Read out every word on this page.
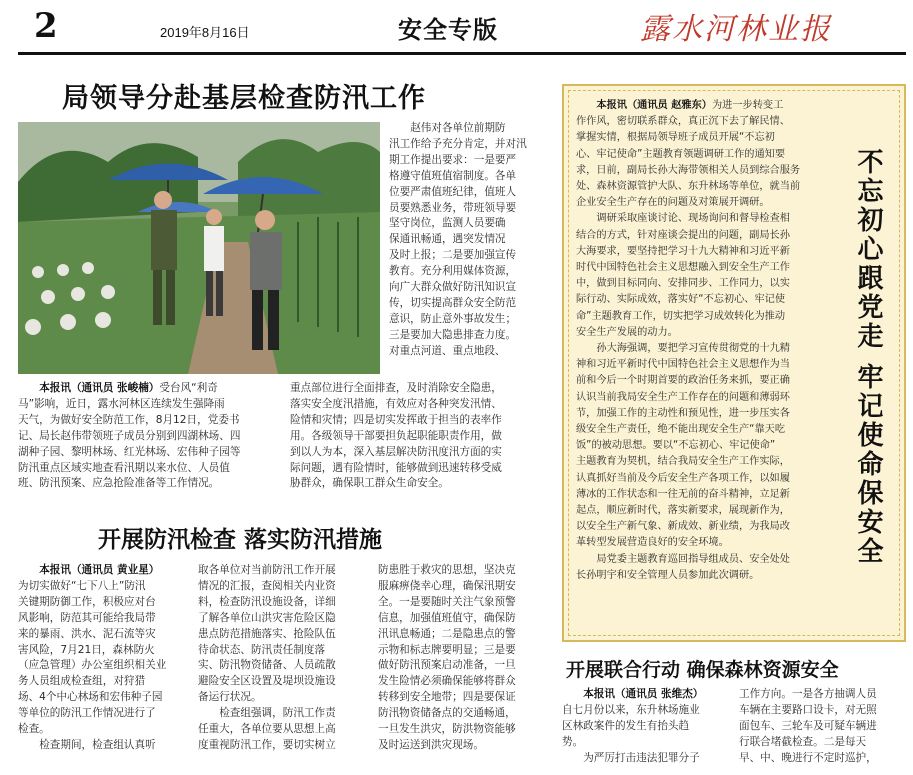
2	2019年8月16日	安全专版	露水河林业报
局领导分赴基层检查防汛工作
赵伟对各单位前期防
汛工作给予充分肯定，并对汛
期工作提出要求：一是要严
格遵守值班值宿制度。各单
位要严肃值班纪律，值班人
员要熟悉业务，带班领导要
坚守岗位，监测人员要确
保通讯畅通，遇突发情况
及时上报；二是要加强宣传
教育。充分利用媒体资源，
向广大群众做好防汛知识宣
传，切实提高群众安全防范
意识，防止意外事故发生；
三是要加大隐患排查力度。
对重点河道、重点地段、
本报讯（通讯员 张峻楠）受台风“利奇
马”影响，近日，露水河林区连续发生强降雨
天气，为做好安全防范工作，8月12日，党委书
记、局长赵伟带领班子成员分别到四湖林场、四
湖种子园、黎明林场、红光林场、宏伟种子园等
防汛重点区域实地查看汛期以来水位、人员值
班、防汛预案、应急抢险准备等工作情况。
重点部位进行全面排查，及时消除安全隐患，
落实安全度汛措施，有效应对各种突发汛情、
险情和灾情；四是切实发挥敢于担当的表率作
用。各级领导干部要担负起职能职责作用，做
到以人为本，深入基层解决防汛度汛方面的实
际问题，遇有险情时，能够做到迅速转移受威
胁群众，确保职工群众生命安全。
开展防汛检查 落实防汛措施
本报讯（通讯员 黄业星）
为切实做好“七下八上”防汛
关键期防御工作，积极应对台
风影响，防范其可能给我局带
来的暴雨、洪水、泥石流等灾
害风险，7月21日，森林防火
（应急管理）办公室组织相关业
务人员组成检查组，对狩猎
场、4个中心林场和宏伟种子园
等单位的防汛工作情况进行了
检查。
检查期间，检查组认真听
取各单位对当前防汛工作开展
情况的汇报，查阅相关内业资
料，检查防汛设施设备，详细
了解各单位山洪灾害危险区隐
患点防范措施落实、抢险队伍
待命状态、防汛责任制度落
实、防汛物资储备、人员疏散
避险安全区设置及堤坝设施设
备运行状况。
检查组强调，防汛工作责
任重大，各单位要从思想上高
度重视防汛工作，要切实树立
防患胜于救灾的思想，坚决克
服麻痹侥幸心理，确保汛期安
全。一是要随时关注气象预警
信息，加强值班值守，确保防
汛讯息畅通；二是隐患点的警
示物和标志牌要明显；三是要
做好防汛预案启动准备，一旦
发生险情必须确保能够将群众
转移到安全地带；四是要保证
防汛物资储备点的交通畅通，
一旦发生洪灾，防洪物资能够
及时运送到洪灾现场。
不忘初心跟党走 牢记使命保安全
本报讯（通讯员 赵雅东）为进一步转变工
作作风，密切联系群众，真正沉下去了解民情、
掌握实情，根据局领导班子成员开展“不忘初
心、牢记使命”主题教育领题调研工作的通知要
求，日前，副局长孙大海带领相关人员到综合服务
处、森林资源管护大队、东升林场等单位，就当前
企业安全生产存在的问题及对策展开调研。
调研采取座谈讨论、现场询问和督导检查相
结合的方式，针对座谈会提出的问题，副局长孙
大海要求，要坚持把学习十九大精神和习近平新
时代中国特色社会主义思想融入到安全生产工作
中，做到目标同向、安排同步、工作同力，以实
际行动、实际成效，落实好“不忘初心、牢记使
命”主题教育工作，切实把学习成效转化为推动
安全生产发展的动力。
孙大海强调，要把学习宣传贯彻党的十九精
神和习近平新时代中国特色社会主义思想作为当
前和今后一个时期首要的政治任务来抓，要正确
认识当前我局安全生产工作存在的问题和薄弱环
节，加强工作的主动性和预见性，进一步压实各
级安全生产责任，绝不能出现安全生产“靠天吃
饭”的被动思想。要以“不忘初心、牢记使命”
主题教育为契机，结合我局安全生产工作实际，
认真抓好当前及今后安全生产各项工作，以如履
薄冰的工作状态和一往无前的奋斗精神，立足新
起点，顺应新时代，落实新要求，展现新作为，
以安全生产新气象、新成效、新业绩，为我局改
革转型发展营造良好的安全环境。
局党委主题教育巡回指导组成员、安全处处
长孙明宇和安全管理人员参加此次调研。
开展联合行动 确保森林资源安全
本报讯（通讯员 张维杰）
自七月份以来，东升林场施业
区林政案件的发生有抬头趋
势。
为严厉打击违法犯罪分子
工作方向。一是各方抽调人员
车辆在主要路口设卡，对无照
面包车、三轮车及可疑车辆进
行联合堵截检查。二是每天
早、中、晚进行不定时巡护，
